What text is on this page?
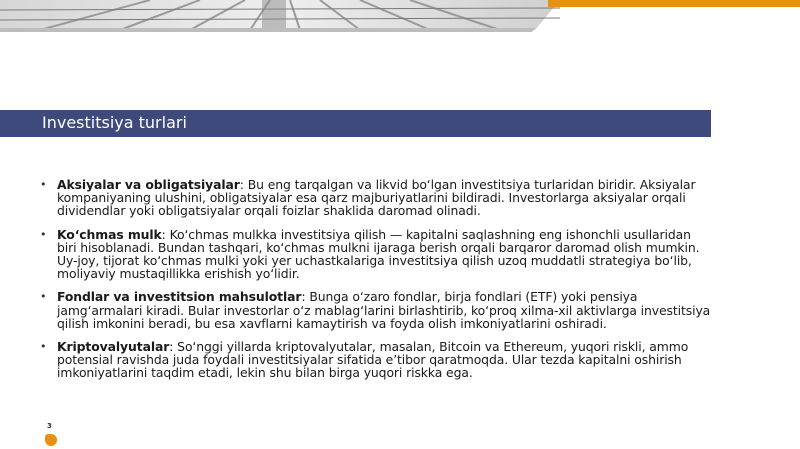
Investitsiya turlari
• Aksiyalar va obligatsiyalar: Bu eng tarqalgan va likvid bo‘lgan investitsiya turlaridan biridir. Aksiyalar kompaniyaning ulushini, obligatsiyalar esa qarz majburiyatlarini bildiradi. Investorlarga aksiyalar orqali dividendlar yoki obligatsiyalar orqali foizlar shaklida daromad olinadi.
• Ko‘chmas mulk: Ko‘chmas mulkka investitsiya qilish — kapitalni saqlashning eng ishonchli usullaridan biri hisoblanadi. Bundan tashqari, ko‘chmas mulkni ijaraga berish orqali barqaror daromad olish mumkin. Uy-joy, tijorat ko‘chmas mulki yoki yer uchastkalariga investitsiya qilish uzoq muddatli strategiya bo‘lib, moliyaviy mustaqillikka erishish yo‘lidir.
• Fondlar va investitsion mahsulotlar: Bunga o‘zaro fondlar, birja fondlari (ETF) yoki pensiya jamg‘armalari kiradi. Bular investorlar o‘z mablag‘larini birlashtirib, ko‘proq xilma-xil aktivlarga investitsiya qilish imkonini beradi, bu esa xavflarni kamaytirish va foyda olish imkoniyatlarini oshiradi.
• Kriptovalyutalar: So‘nggi yillarda kriptovalyutalar, masalan, Bitcoin va Ethereum, yuqori riskli, ammo potensial ravishda juda foydali investitsiyalar sifatida e’tibor qaratmoqda. Ular tezda kapitalni oshirish imkoniyatlarini taqdim etadi, lekin shu bilan birga yuqori riskka ega.
3
